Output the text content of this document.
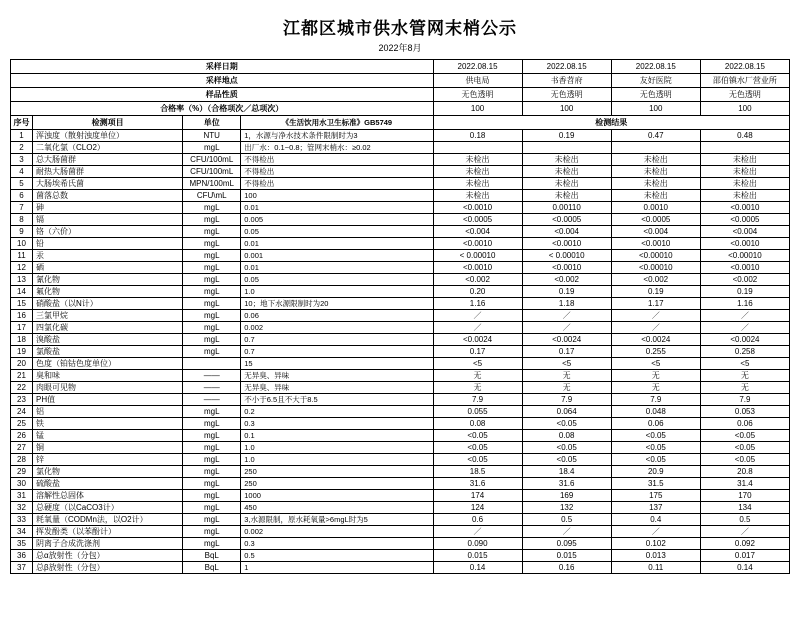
江都区城市供水管网末梢公示
2022年8月
采样日期				2022.08.15	2022.08.15	2022.08.15	2022.08.15
采样地点				供电局	书香苕府	友好医院	邵伯镇水厂营业所
样品性质				无色透明	无色透明	无色透明	无色透明
合格率（%）（合格项次／总项次）				100	100	100	100
序号	检测项目	单位	《生活饮用水卫生标准》GB5749	检测结果			
1	浑浊度（散射浊度单位）	NTU	1，水源与净水技术条件限制时为3	0.18	0.19	0.47	0.48
2	二氧化氯（CLO2）	mgL	出厂水：0.1~0.8；管网末梢水：≥0.02				
3	总大肠菌群	CFU/100mL	不得检出	未检出	未检出	未检出	未检出
4	耐热大肠菌群	CFU/100mL	不得检出	未检出	未检出	未检出	未检出
5	大肠埃希氏菌	MPN/100mL	不得检出	未检出	未检出	未检出	未检出
6	菌落总数	CFU\mL	100	未检出	未检出	未检出	未检出
7	砷	mgL	0.01	<0.0010	0.00110	0.0010	<0.0010
8	镉	mgL	0.005	<0.0005	<0.0005	<0.0005	<0.0005
9	铬（六价）	mgL	0.05	<0.004	<0.004	<0.004	<0.004
10	铅	mgL	0.01	<0.0010	<0.0010	<0.0010	<0.0010
11	汞	mgL	0.001	< 0.00010	< 0.00010	<0.00010	<0.00010
12	硒	mgL	0.01	<0.0010	<0.0010	<0.00010	<0.0010
13	氰化物	mgL	0.05	<0.002	<0.002	<0.002	<0.002
14	氟化物	mgL	1.0	0.20	0.19	0.19	0.19
15	硝酸盐（以N计）	mgL	10；地下水源限制时为20	1.16	1.18	1.17	1.16
16	三氯甲烷	mgL	0.06	／	／	／	／
17	四氯化碳	mgL	0.002	／	／	／	／
18	溴酸盐	mgL	0.7	<0.0024	<0.0024	<0.0024	<0.0024
19	氯酸盐	mgL	0.7	0.17	0.17	0.255	0.258
20	色度（铂钴色度单位）		15	<5	<5	<5	<5
21	臭和味	——	无异臭、异味	无	无	无	无
22	肉眼可见物	——	无异臭、异味	无	无	无	无
23	PH值	——	不小于6.5且不大于8.5	7.9	7.9	7.9	7.9
24	铝	mgL	0.2	0.055	0.064	0.048	0.053
25	铁	mgL	0.3	0.08	<0.05	0.06	0.06
26	锰	mgL	0.1	<0.05	0.08	<0.05	<0.05
27	铜	mgL	1.0	<0.05	<0.05	<0.05	<0.05
28	锌	mgL	1.0	<0.05	<0.05	<0.05	<0.05
29	氯化物	mgL	250	18.5	18.4	20.9	20.8
30	硫酸盐	mgL	250	31.6	31.6	31.5	31.4
31	溶解性总固体	mgL	1000	174	169	175	170
32	总硬度（以CaCO3计）	mgL	450	124	132	137	134
33	耗氧量（CODMn法，以O2计）	mgL	3,水源限制，原水耗氧量>6mgL时为5	0.6	0.5	0.4	0.5
34	挥发酚类（以苯酚计）	mgL	0.002	／	／	／	／
35	阴离子合成洗涤剂	mgL	0.3	0.090	0.095	0.102	0.092
36	总α放射性（分包）	BqL	0.5	0.015	0.015	0.013	0.017
37	总β放射性（分包）	BqL	1	0.14	0.16	0.11	0.14
